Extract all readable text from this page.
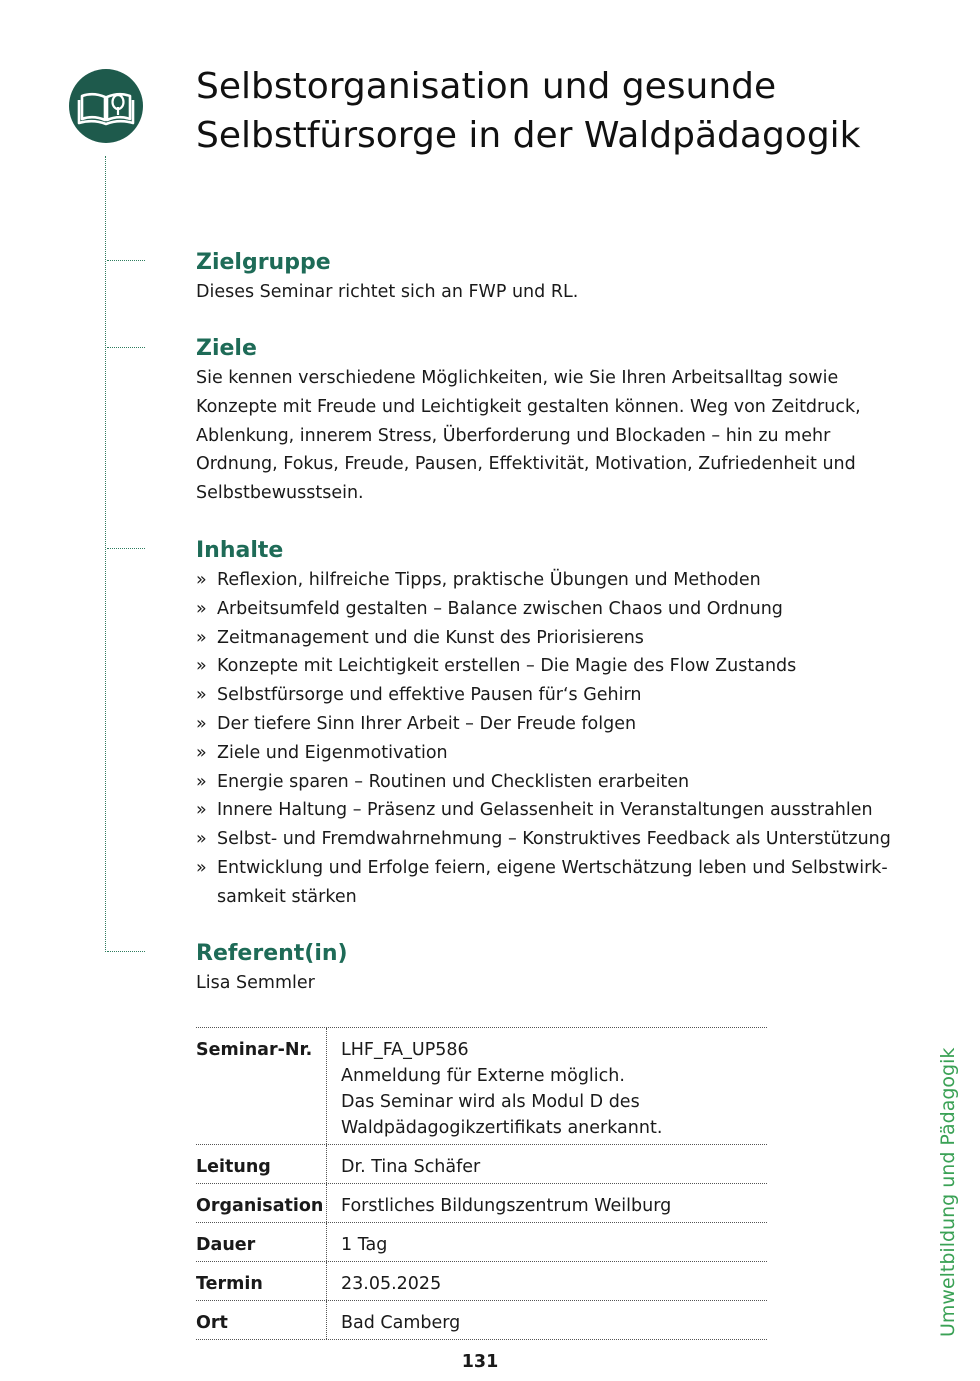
Selbstorganisation und gesunde
Selbstfürsorge in der Waldpädagogik
Zielgruppe
Dieses Seminar richtet sich an FWP und RL.
Ziele
Sie kennen verschiedene Möglichkeiten, wie Sie Ihren Arbeitsalltag sowie
Konzepte mit Freude und Leichtigkeit gestalten können. Weg von Zeitdruck,
Ablenkung, innerem Stress, Überforderung und Blockaden – hin zu mehr
Ordnung, Fokus, Freude, Pausen, Effektivität, Motivation, Zufriedenheit und
Selbstbewusstsein.
Inhalte
» Reflexion, hilfreiche Tipps, praktische Übungen und Methoden
» Arbeitsumfeld gestalten – Balance zwischen Chaos und Ordnung
» Zeitmanagement und die Kunst des Priorisierens
» Konzepte mit Leichtigkeit erstellen – Die Magie des Flow Zustands
» Selbstfürsorge und effektive Pausen für‘s Gehirn
» Der tiefere Sinn Ihrer Arbeit – Der Freude folgen
» Ziele und Eigenmotivation
» Energie sparen – Routinen und Checklisten erarbeiten
» Innere Haltung – Präsenz und Gelassenheit in Veranstaltungen ausstrahlen
» Selbst- und Fremdwahrnehmung – Konstruktives Feedback als Unterstützung
» Entwicklung und Erfolge feiern, eigene Wertschätzung leben und Selbstwirk-
samkeit stärken
Referent(in)
Lisa Semmler
Seminar-Nr.	LHF_FA_UP586
Anmeldung für Externe möglich.
Das Seminar wird als Modul D des
Waldpädagogikzertifikats anerkannt.
Leitung	Dr. Tina Schäfer
Organisation	Forstliches Bildungszentrum Weilburg
Dauer	1 Tag
Termin	23.05.2025
Ort	Bad Camberg	Umweltbildung und Pädagogik
131
